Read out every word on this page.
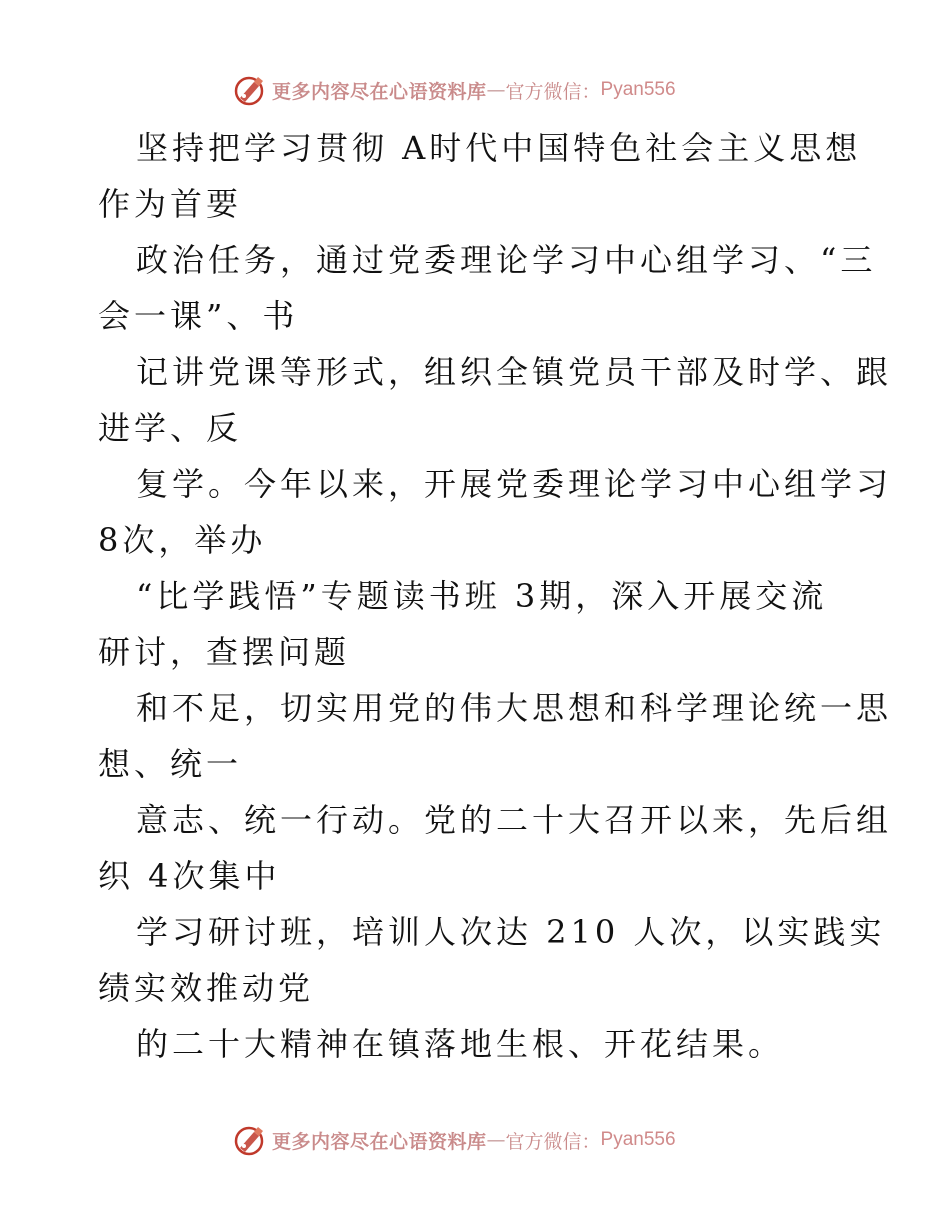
更多内容尽在心语资料库 — 官方微信： Pyan556
坚持把学习贯彻 A时代中国特色社会主义思想
作为首要
政治任务，通过党委理论学习中心组学习、“三
会一课”、书
记讲党课等形式，组织全镇党员干部及时学、跟
进学、反
复学。今年以来，开展党委理论学习中心组学习
8次，举办
“比学践悟”专题读书班 3期，深入开展交流
研讨，查摆问题
和不足，切实用党的伟大思想和科学理论统一思
想、统一
意志、统一行动。党的二十大召开以来，先后组
织 4次集中
学习研讨班，培训人次达 210 人次，以实践实
绩实效推动党
的二十大精神在镇落地生根、开花结果。
更多内容尽在心语资料库 — 官方微信： Pyan556
